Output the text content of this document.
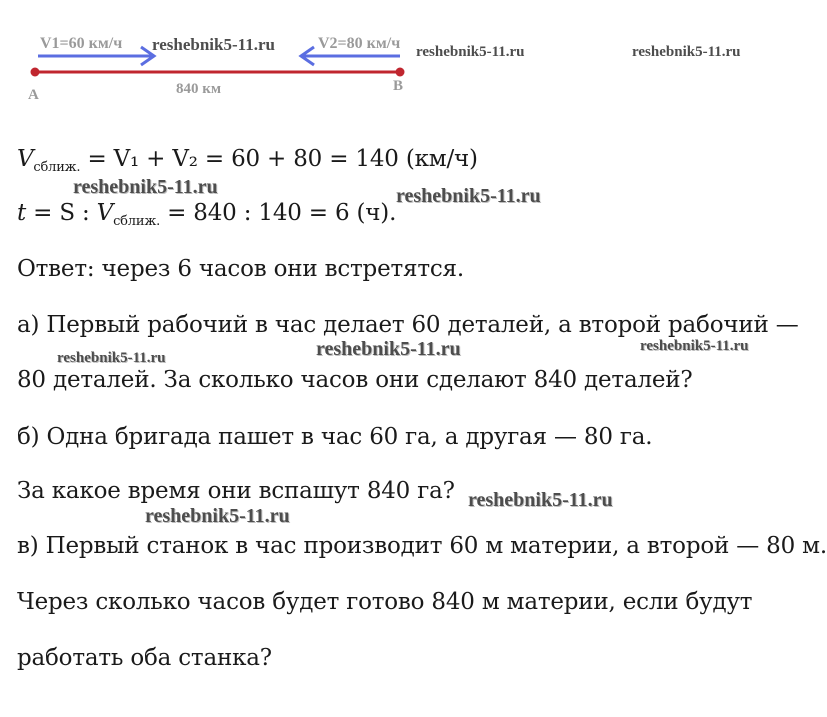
V1=60 км/ч	V2=80 км/ч
A
B
840 км
reshebnik5-11.ru	reshebnik5-11.ru	reshebnik5-11.ru
$V_{сближ.} = V_1 + V_2 = 60 + 80 = 140$ (км/ч)
t = S : $V_{сближ.} = 840$ : 140 = 6 (ч).
Ответ: через 6 часов они встретятся.
а) Первый рабочий в час делает 60 деталей, а второй рабочий —
80 деталей. За сколько часов они сделают 840 деталей?
б) Одна бригада пашет в час 60 га, а другая — 80 га.
За какое время они вспашут 840 га?
в) Первый станок в час производит 60 м материи, а второй — 80 м.
Через сколько часов будет готово 840 м материи, если будут
работать оба станка?
reshebnik5-11.ru	reshebnik5-11.ru
reshebnik5-11.ru	reshebnik5-11.ru	reshebnik5-11.ru
reshebnik5-11.ru
reshebnik5-11.ru
